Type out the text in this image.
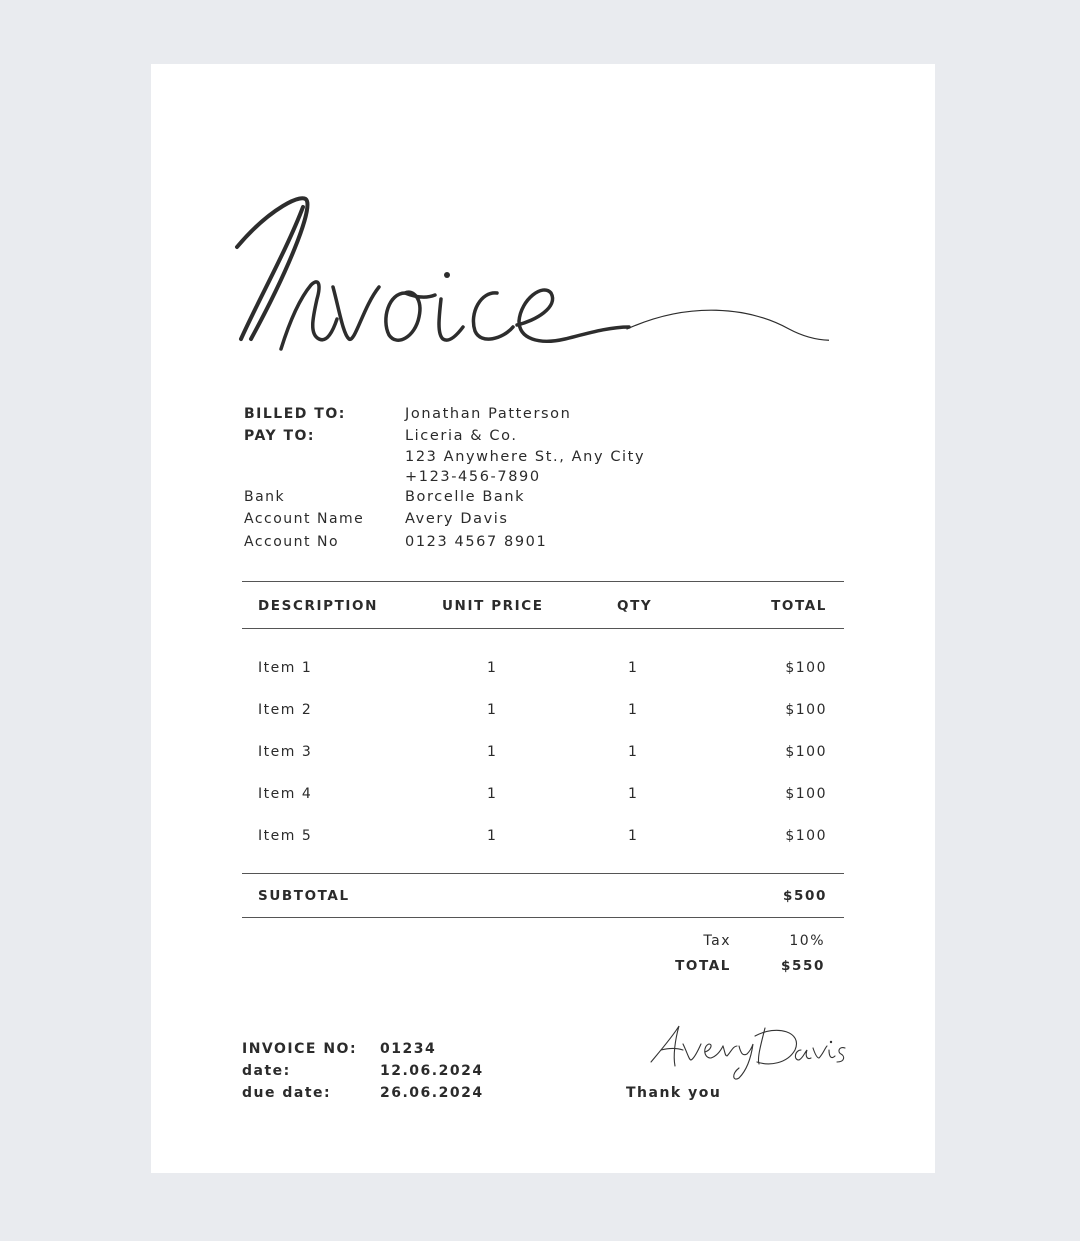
BILLED TO:	Jonathan Patterson
PAY TO:	Liceria & Co.
123 Anywhere St., Any City
+123-456-7890
Bank	Borcelle Bank
Account Name	Avery Davis
Account No	0123 4567 8901
DESCRIPTION	UNIT PRICE	QTY	TOTAL
Item 1	1	1	$100
Item 2	1	1	$100
Item 3	1	1	$100
Item 4	1	1	$100
Item 5	1	1	$100
SUBTOTAL	$500
Tax	10%
TOTAL	$550
INVOICE NO: 01234
date:	12.06.2024
due date:	26.06.2024	Thank you
